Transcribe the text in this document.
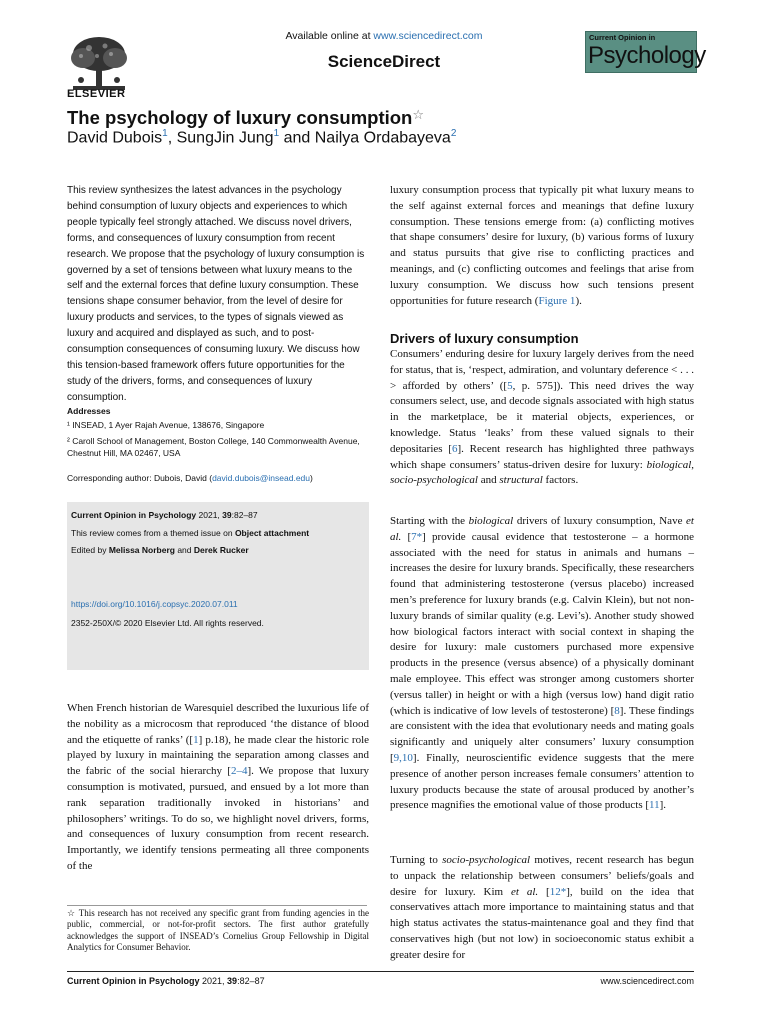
ELSEVIER
Available online at www.sciencedirect.com
ScienceDirect
Current Opinion in
Psychology
The psychology of luxury consumption☆
David Dubois$^1$, SungJin Jung$^1$ and Nailya Ordabayeva$^2$
This review synthesizes the latest advances in the psychology behind consumption of luxury objects and experiences to which people typically feel strongly attached. We discuss novel drivers, forms, and consequences of luxury consumption from recent research. We propose that the psychology of luxury consumption is governed by a set of tensions between what luxury means to the self and the external forces that define luxury consumption. These tensions shape consumer behavior, from the level of desire for luxury products and services, to the types of signals viewed as luxury and acquired and displayed as such, and to post-consumption consequences of consuming luxury. We discuss how this tension-based framework offers future opportunities for the study of the drivers, forms, and consequences of luxury consumption.
Addresses
¹ INSEAD, 1 Ayer Rajah Avenue, 138676, Singapore
² Caroll School of Management, Boston College, 140 Commonwealth Avenue, Chestnut Hill, MA 02467, USA
Corresponding author: Dubois, David (david.dubois@insead.edu)
Current Opinion in Psychology 2021, 39:82–87
This review comes from a themed issue on Object attachment
Edited by Melissa Norberg and Derek Rucker
https://doi.org/10.1016/j.copsyc.2020.07.011
2352-250X/© 2020 Elsevier Ltd. All rights reserved.
When French historian de Waresquiel described the luxurious life of the nobility as a microcosm that reproduced ‘the distance of blood and the etiquette of ranks’ ([1] p.18), he made clear the historic role played by luxury in maintaining the separation among classes and the fabric of the social hierarchy [2–4]. We propose that luxury consumption is motivated, pursued, and ensued by a lot more than rank separation traditionally invoked in historians’ and philosophers’ writings. To do so, we highlight novel drivers, forms, and consequences of luxury consumption from recent research. Importantly, we identify tensions permeating all three components of the
☆ This research has not received any specific grant from funding agencies in the public, commercial, or not-for-profit sectors. The first author gratefully acknowledges the support of INSEAD’s Cornelius Group Fellowship in Digital Analytics for Consumer Behavior.
luxury consumption process that typically pit what luxury means to the self against external forces and meanings that define luxury consumption. These tensions emerge from: (a) conflicting motives that shape consumers’ desire for luxury, (b) various forms of luxury and status pursuits that give rise to conflicting practices and meanings, and (c) conflicting outcomes and feelings that arise from luxury consumption. We discuss how such tensions present opportunities for future research (Figure 1).
Drivers of luxury consumption
Consumers’ enduring desire for luxury largely derives from the need for status, that is, ‘respect, admiration, and voluntary deference < . . . > afforded by others’ ([5, p. 575]). This need drives the way consumers select, use, and decode signals associated with high status in the marketplace, be it material objects, experiences, or knowledge. Status ‘leaks’ from these valued signals to their depositaries [6]. Recent research has highlighted three pathways which shape consumers’ status-driven desire for luxury: biological, socio-psychological and structural factors.
Starting with the biological drivers of luxury consumption, Nave et al. [7*] provide causal evidence that testosterone – a hormone associated with the need for status in animals and humans – increases the desire for luxury brands. Specifically, these researchers found that administering testosterone (versus placebo) increased men’s preference for luxury brands (e.g. Calvin Klein), but not non-luxury brands of similar quality (e.g. Levi’s). Another study showed how biological factors interact with social context in shaping the desire for luxury: male customers purchased more expensive products in the presence (versus absence) of a physically dominant male employee. This effect was stronger among customers shorter (versus taller) in height or with a high (versus low) hand digit ratio (which is indicative of low levels of testosterone) [8]. These findings are consistent with the idea that evolutionary needs and mating goals significantly and uniquely alter consumers’ luxury consumption [9,10]. Finally, neuroscientific evidence suggests that the mere presence of another person increases female consumers’ attention to luxury products because the state of arousal produced by another’s presence magnifies the emotional value of those products [11].
Turning to socio-psychological motives, recent research has begun to unpack the relationship between consumers’ beliefs/goals and desire for luxury. Kim et al. [12*], build on the idea that conservatives attach more importance to maintaining status and that high status activates the status-maintenance goal and they find that conservatives high (but not low) in socioeconomic status exhibit a greater desire for
Current Opinion in Psychology 2021, 39:82–87	www.sciencedirect.com
